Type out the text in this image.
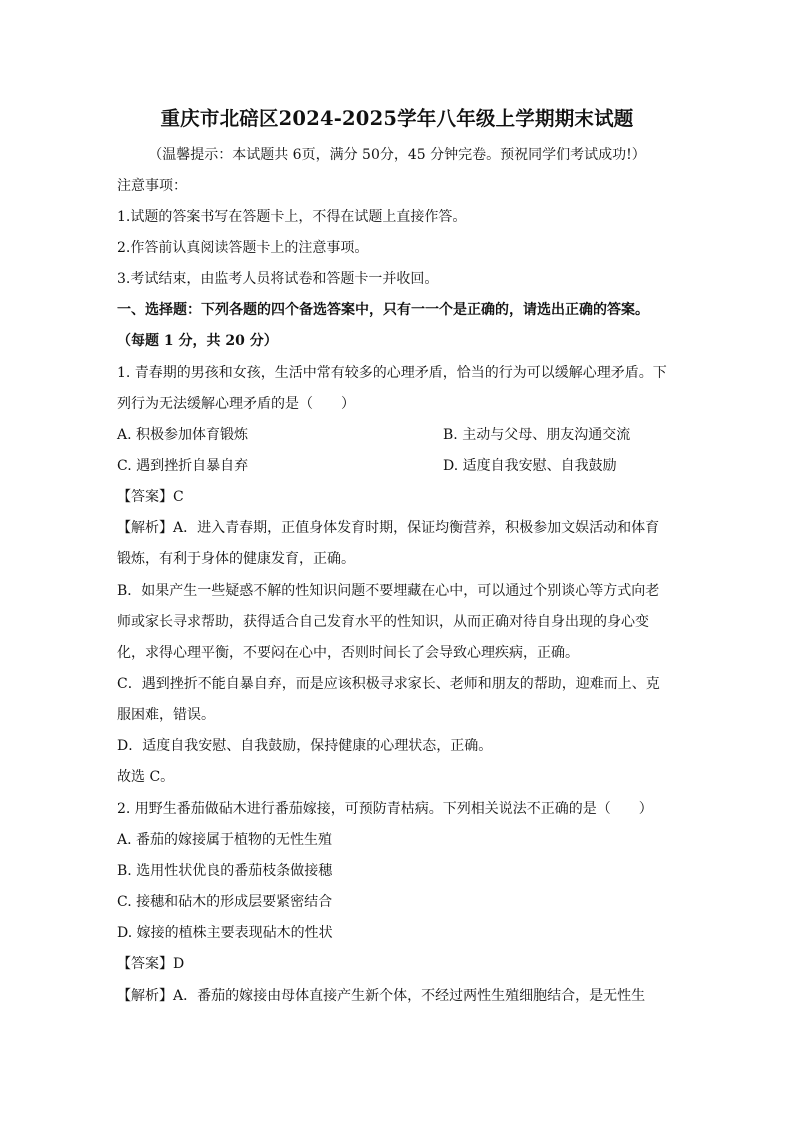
重庆市北碚区2024-2025学年八年级上学期期末试题
（温馨提示：本试题共 6页，满分 50分，45 分钟完卷。预祝同学们考试成功!）
注意事项：
1.试题的答案书写在答题卡上，不得在试题上直接作答。
2.作答前认真阅读答题卡上的注意事项。
3.考试结束，由监考人员将试卷和答题卡一并收回。
一、选择题：下列各题的四个备选答案中，只有一一个是正确的，请选出正确的答案。
（每题 1 分，共 20 分）
1. 青春期的男孩和女孩，生活中常有较多的心理矛盾，恰当的行为可以缓解心理矛盾。下
列行为无法缓解心理矛盾的是（　　）
A. 积极参加体育锻炼	B. 主动与父母、朋友沟通交流
C. 遇到挫折自暴自弃	D. 适度自我安慰、自我鼓励
【答案】C
【解析】A．进入青春期，正值身体发育时期，保证均衡营养，积极参加文娱活动和体育
锻炼，有利于身体的健康发育，正确。
B．如果产生一些疑惑不解的性知识问题不要埋藏在心中，可以通过个别谈心等方式向老
师或家长寻求帮助，获得适合自己发育水平的性知识，从而正确对待自身出现的身心变
化，求得心理平衡，不要闷在心中，否则时间长了会导致心理疾病，正确。
C．遇到挫折不能自暴自弃，而是应该积极寻求家长、老师和朋友的帮助，迎难而上、克
服困难，错误。
D．适度自我安慰、自我鼓励，保持健康的心理状态，正确。
故选 C。
2. 用野生番茄做砧木进行番茄嫁接，可预防青枯病。下列相关说法不正确的是（　　）
A. 番茄的嫁接属于植物的无性生殖
B. 选用性状优良的番茄枝条做接穗
C. 接穗和砧木的形成层要紧密结合
D. 嫁接的植株主要表现砧木的性状
【答案】D
【解析】A．番茄的嫁接由母体直接产生新个体，不经过两性生殖细胞结合，是无性生
